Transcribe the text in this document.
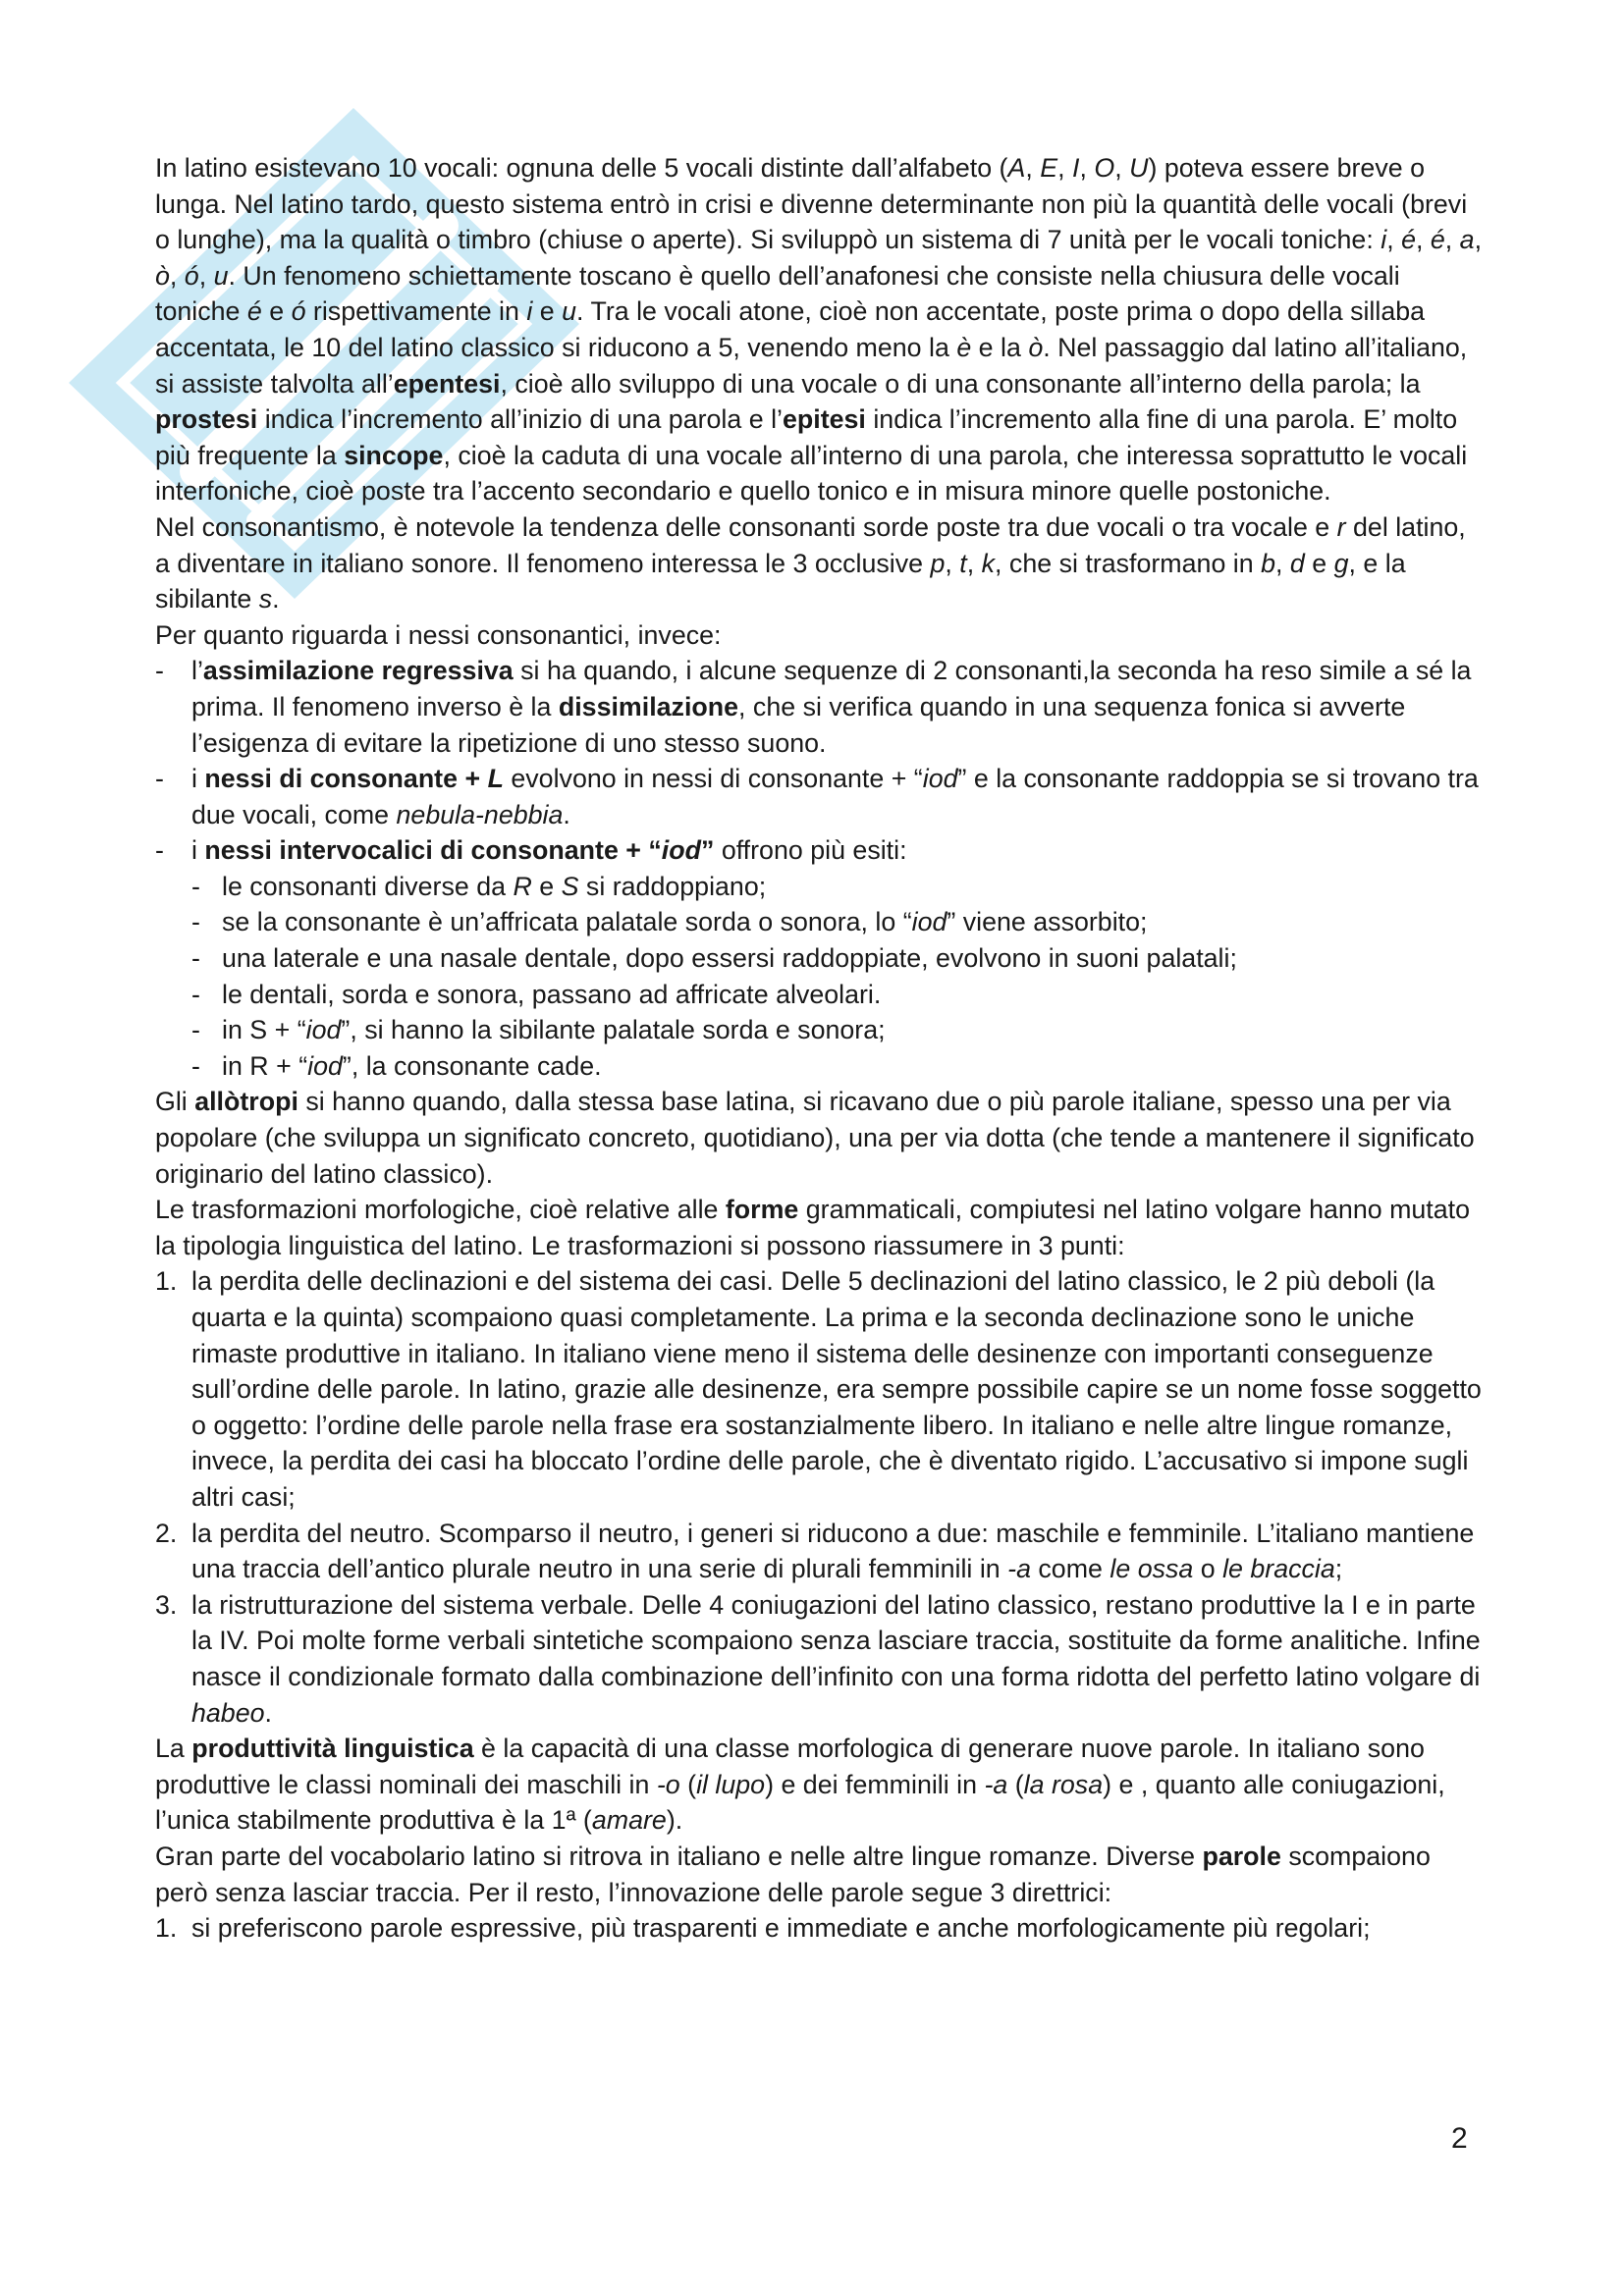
In latino esistevano 10 vocali: ognuna delle 5 vocali distinte dall’alfabeto (A, E, I, O, U) poteva essere breve o lunga. Nel latino tardo, questo sistema entrò in crisi e divenne determinante non più la quantità delle vocali (brevi o lunghe), ma la qualità o timbro (chiuse o aperte). Si sviluppò un sistema di 7 unità per le vocali toniche: i, é, é, a, ò, ó, u. Un fenomeno schiettamente toscano è quello dell’anafonesi che consiste nella chiusura delle vocali toniche é e ó rispettivamente in i e u. Tra le vocali atone, cioè non accentate, poste prima o dopo della sillaba accentata, le 10 del latino classico si riducono a 5, venendo meno la è e la ò. Nel passaggio dal latino all’italiano, si assiste talvolta all’epentesi, cioè allo sviluppo di una vocale o di una consonante all’interno della parola; la prostesi indica l’incremento all’inizio di una parola e l’epitesi indica l’incremento alla fine di una parola. E’ molto più frequente la sincope, cioè la caduta di una vocale all’interno di una parola, che interessa soprattutto le vocali interfoniche, cioè poste tra l’accento secondario e quello tonico e in misura minore quelle postoniche.

Nel consonantismo, è notevole la tendenza delle consonanti sorde poste tra due vocali o tra vocale e r del latino, a diventare in italiano sonore. Il fenomeno interessa le 3 occlusive p, t, k, che si trasformano in b, d e g, e la sibilante s.

Per quanto riguarda i nessi consonantici, invece:

- l’assimilazione regressiva si ha quando, i alcune sequenze di 2 consonanti,la seconda ha reso simile a sé la prima. Il fenomeno inverso è la dissimilazione, che si verifica quando in una sequenza fonica si avverte l’esigenza di evitare la ripetizione di uno stesso suono.
- i nessi di consonante + L evolvono in nessi di consonante + “iod” e la consonante raddoppia se si trovano tra due vocali, come nebula-nebbia.
- i nessi intervocalici di consonante + “iod” offrono più esiti:
- le consonanti diverse da R e S si raddoppiano;
- se la consonante è un’affricata palatale sorda o sonora, lo “iod” viene assorbito;
- una laterale e una nasale dentale, dopo essersi raddoppiate, evolvono in suoni palatali;
- le dentali, sorda e sonora, passano ad affricate alveolari.
- in S + “iod”, si hanno la sibilante palatale sorda e sonora;
- in R + “iod”, la consonante cade.

Gli allòtropi si hanno quando, dalla stessa base latina, si ricavano due o più parole italiane, spesso una per via popolare (che sviluppa un significato concreto, quotidiano), una per via dotta (che tende a mantenere il significato originario del latino classico).

Le trasformazioni morfologiche, cioè relative alle forme grammaticali, compiutesi nel latino volgare hanno mutato la tipologia linguistica del latino. Le trasformazioni si possono riassumere in 3 punti:

1. la perdita delle declinazioni e del sistema dei casi. Delle 5 declinazioni del latino classico, le 2 più deboli (la quarta e la quinta) scompaiono quasi completamente. La prima e la seconda declinazione sono le uniche rimaste produttive in italiano. In italiano viene meno il sistema delle desinenze con importanti conseguenze sull’ordine delle parole. In latino, grazie alle desinenze, era sempre possibile capire se un nome fosse soggetto o oggetto: l’ordine delle parole nella frase era sostanzialmente libero. In italiano e nelle altre lingue romanze, invece, la perdita dei casi ha bloccato l’ordine delle parole, che è diventato rigido. L’accusativo si impone sugli altri casi;
2. la perdita del neutro. Scomparso il neutro, i generi si riducono a due: maschile e femminile. L’italiano mantiene una traccia dell’antico plurale neutro in una serie di plurali femminili in -a come le ossa o le braccia;
3. la ristrutturazione del sistema verbale. Delle 4 coniugazioni del latino classico, restano produttive la I e in parte la IV. Poi molte forme verbali sintetiche scompaiono senza lasciare traccia, sostituite da forme analitiche. Infine nasce il condizionale formato dalla combinazione dell’infinito con una forma ridotta del perfetto latino volgare di habeo.

La produttività linguistica è la capacità di una classe morfologica di generare nuove parole. In italiano sono produttive le classi nominali dei maschili in -o (il lupo) e dei femminili in -a (la rosa) e , quanto alle coniugazioni, l’unica stabilmente produttiva è la 1ª (amare).

Gran parte del vocabolario latino si ritrova in italiano e nelle altre lingue romanze. Diverse parole scompaiono però senza lasciar traccia. Per il resto, l’innovazione delle parole segue 3 direttrici:

1. si preferiscono parole espressive, più trasparenti e immediate e anche morfologicamente più regolari;
2
